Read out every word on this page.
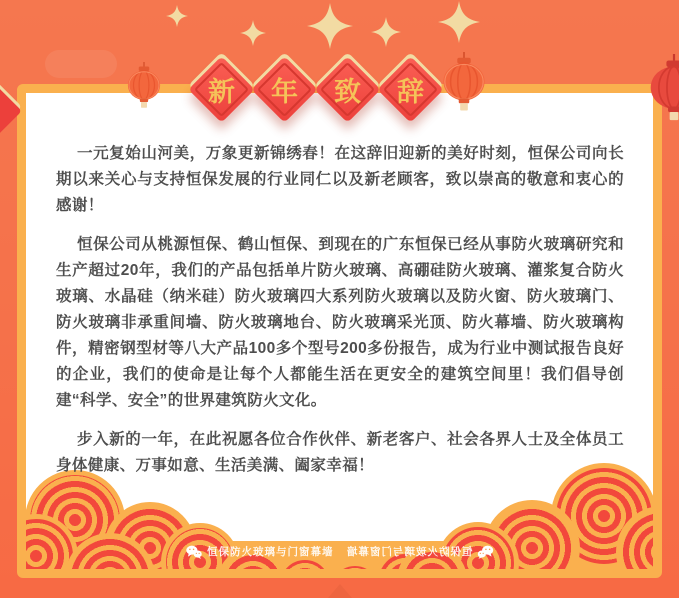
一元复始山河美，万象更新锦绣春！在这辞旧迎新的美好时刻，恒保公司向长期以来关心与支持恒保发展的行业同仁以及新老顾客，致以崇高的敬意和衷心的感谢！

恒保公司从桃源恒保、鹤山恒保、到现在的广东恒保已经从事防火玻璃研究和生产超过20年，我们的产品包括单片防火玻璃、高硼硅防火玻璃、灌浆复合防火玻璃、水晶硅（纳米硅）防火玻璃四大系列防火玻璃以及防火窗、防火玻璃门、防火玻璃非承重间墙、防火玻璃地台、防火玻璃采光顶、防火幕墙、防火玻璃构件，精密钢型材等八大产品100多个型号200多份报告，成为行业中测试报告良好的企业，我们的使命是让每个人都能生活在更安全的建筑空间里！我们倡导创建“科学、安全”的世界建筑防火文化。

步入新的一年，在此祝愿各位合作伙伴、新老客户、社会各界人士及全体员工身体健康、万事如意、生活美满、阖家幸福！

恒保防火玻璃与门窗幕墙 恒保防火玻璃与门窗幕墙
新	年	致	辞
